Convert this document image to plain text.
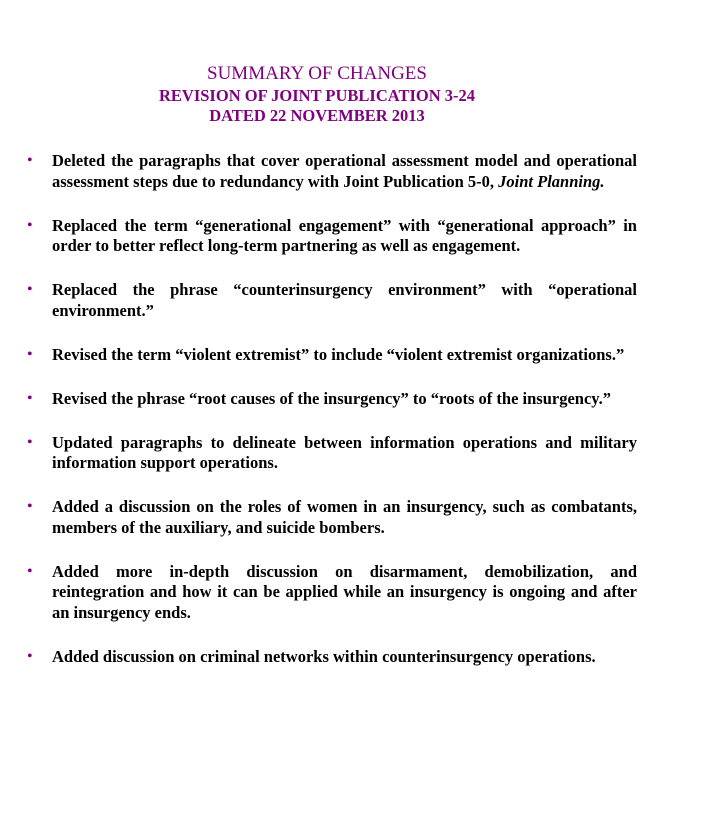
SUMMARY OF CHANGES

REVISION OF JOINT PUBLICATION 3-24

DATED 22 NOVEMBER 2013

• Deleted the paragraphs that cover operational assessment model and operational assessment steps due to redundancy with Joint Publication 5-0, Joint Planning.
• Replaced the term “generational engagement” with “generational approach” in order to better reflect long-term partnering as well as engagement.
• Replaced the phrase “counterinsurgency environment” with “operational environment.”
• Revised the term “violent extremist” to include “violent extremist organizations.”
• Revised the phrase “root causes of the insurgency” to “roots of the insurgency.”
• Updated paragraphs to delineate between information operations and military information support operations.
• Added a discussion on the roles of women in an insurgency, such as combatants, members of the auxiliary, and suicide bombers.
• Added more in-depth discussion on disarmament, demobilization, and reintegration and how it can be applied while an insurgency is ongoing and after an insurgency ends.
• Added discussion on criminal networks within counterinsurgency operations.
